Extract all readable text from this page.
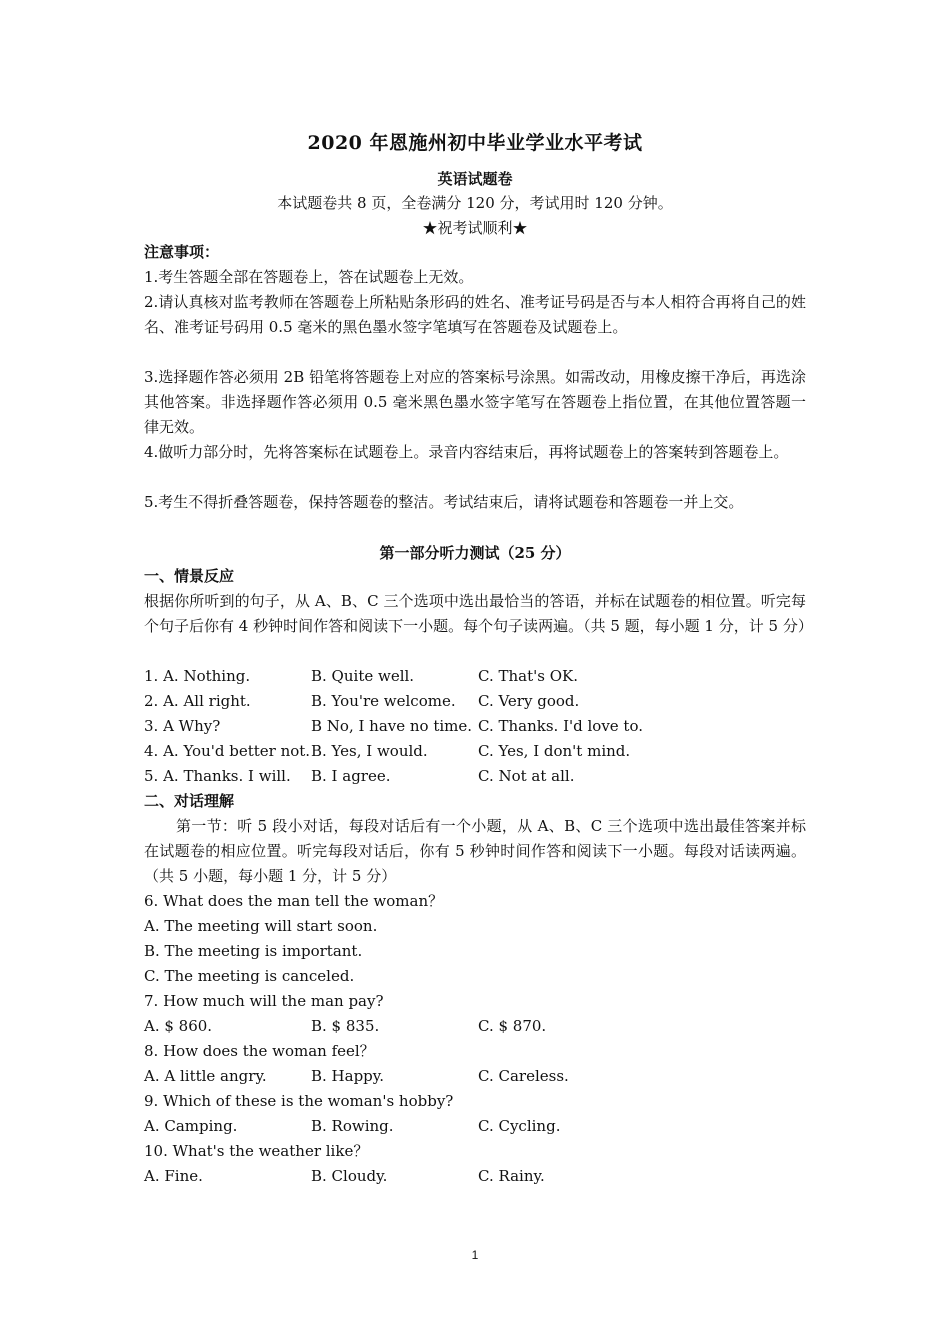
2020 年恩施州初中毕业学业水平考试
英语试题卷
本试题卷共 8 页，全卷满分 120 分，考试用时 120 分钟。
★祝考试顺利★
注意事项：
1.考生答题全部在答题卷上，答在试题卷上无效。
2.请认真核对监考教师在答题卷上所粘贴条形码的姓名、准考证号码是否与本人相符合再将自己的姓名、准考证号码用 0.5 毫米的黑色墨水签字笔填写在答题卷及试题卷上。
3.选择题作答必须用 2B 铅笔将答题卷上对应的答案标号涂黑。如需改动，用橡皮擦干净后，再选涂其他答案。非选择题作答必须用 0.5 毫米黑色墨水签字笔写在答题卷上指位置，在其他位置答题一律无效。
4.做听力部分时，先将答案标在试题卷上。录音内容结束后，再将试题卷上的答案转到答题卷上。
5.考生不得折叠答题卷，保持答题卷的整洁。考试结束后，请将试题卷和答题卷一并上交。
第一部分听力测试（25 分）
一、情景反应
根据你所听到的句子，从 A、B、C 三个选项中选出最恰当的答语，并标在试题卷的相位置。听完每个句子后你有 4 秒钟时间作答和阅读下一小题。每个句子读两遍。（共 5 题，每小题 1 分，计 5 分）
1. A. Nothing.	B. Quite well.	C. That's OK.
2. A. All right.	B. You're welcome. C. Very good.
3. A Why?	B No, I have no time. C. Thanks. I'd love to.
4. A. You'd better not. B. Yes, I would.	C. Yes, I don't mind.
5. A. Thanks. I will. B. I agree.	C. Not at all.
二、对话理解
第一节：听 5 段小对话，每段对话后有一个小题，从 A、B、C 三个选项中选出最佳答案并标在试题卷的相应位置。听完每段对话后，你有 5 秒钟时间作答和阅读下一小题。每段对话读两遍。（共 5 小题，每小题 1 分，计 5 分）
6. What does the man tell the woman？
A. The meeting will start soon.
B. The meeting is important.
C. The meeting is canceled.
7. How much will the man pay?
A. $ 860.	B. $ 835.	C. $ 870.
8. How does the woman feel？
A. A little angry.	B. Happy.	C. Careless.
9. Which of these is the woman's hobby?
A. Camping.	B. Rowing.	C. Cycling.
10. What's the weather like？
A. Fine.	B. Cloudy.	C. Rainy.
1
